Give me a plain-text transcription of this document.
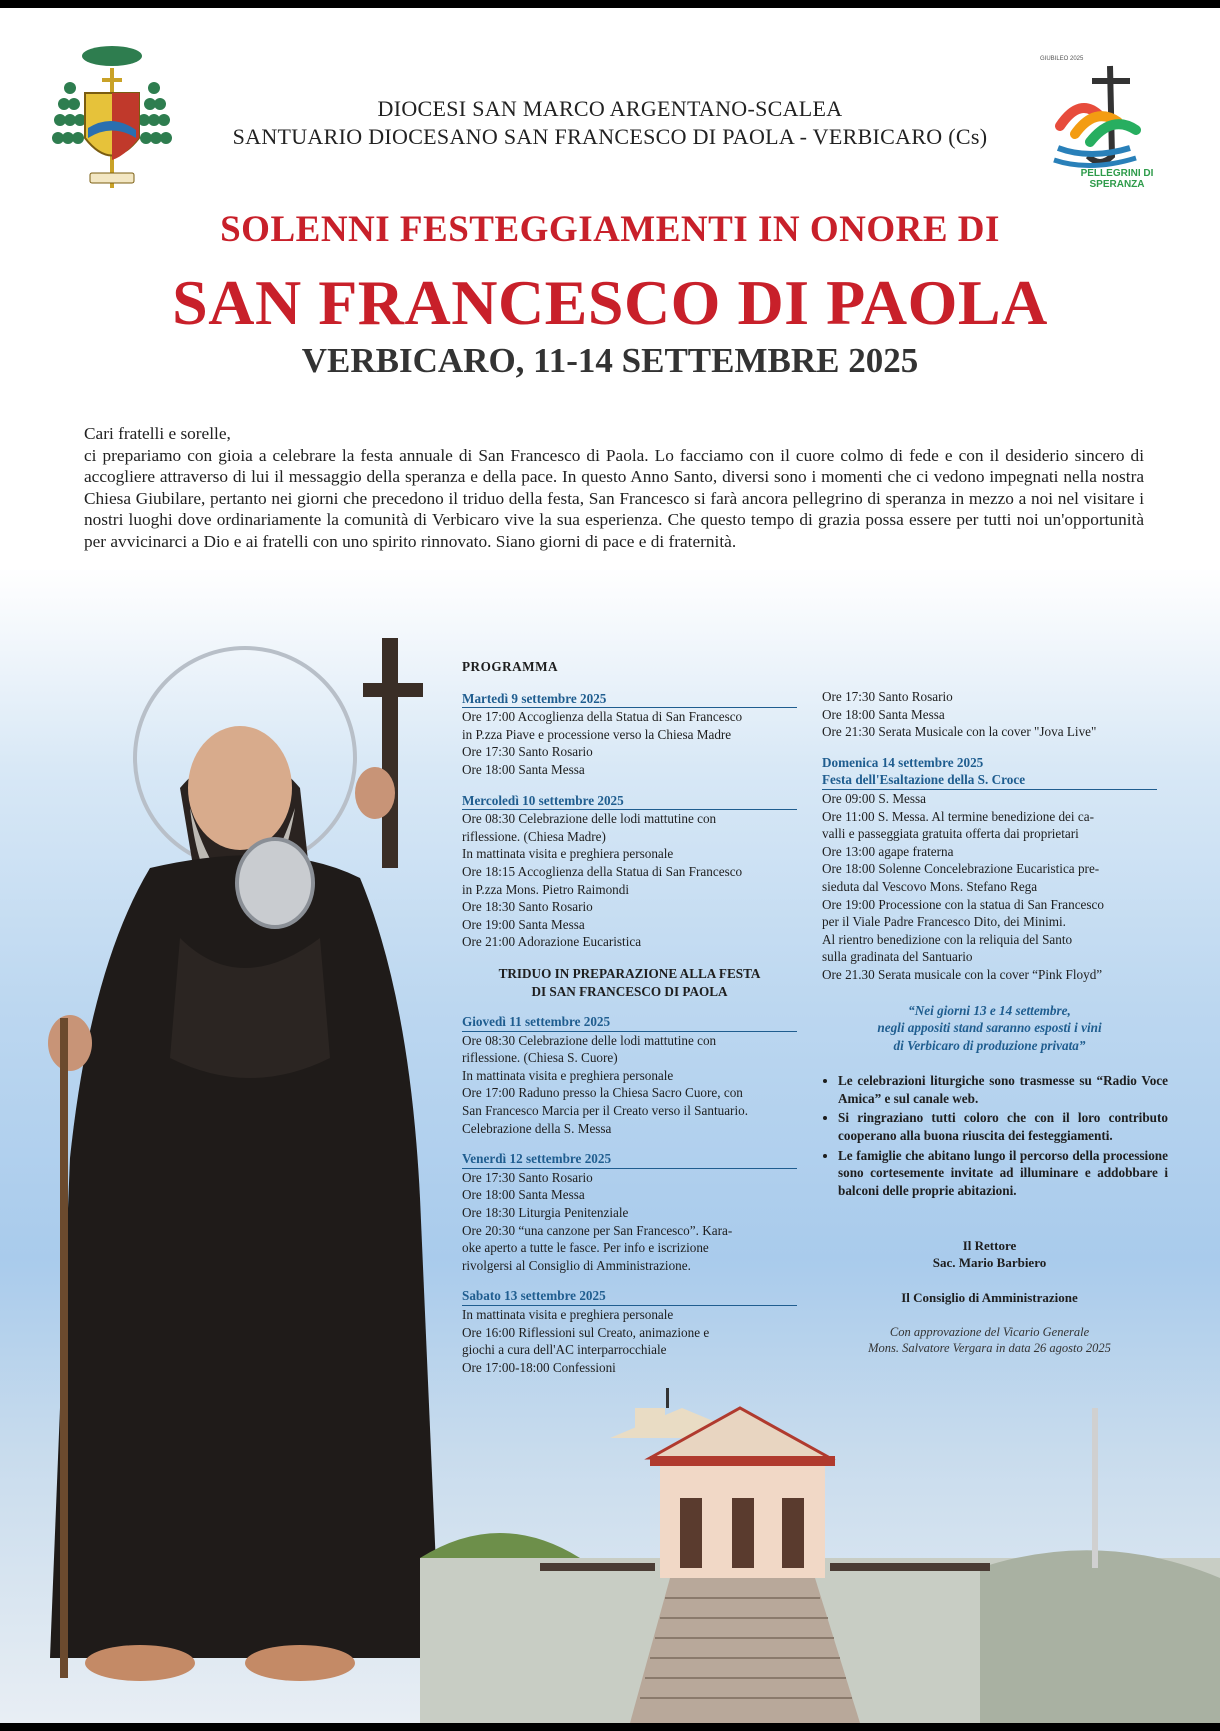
DIOCESI SAN MARCO ARGENTANO-SCALEA
SANTUARIO DIOCESANO SAN FRANCESCO DI PAOLA - VERBICARO (Cs)
PELLEGRINI DI SPERANZA
GIUBILEO 2025
SOLENNI FESTEGGIAMENTI IN ONORE DI
SAN FRANCESCO DI PAOLA
VERBICARO, 11-14 SETTEMBRE 2025

Cari fratelli e sorelle,

ci prepariamo con gioia a celebrare la festa annuale di San Francesco di Paola. Lo facciamo con il cuore colmo di fede e con il desiderio sincero di accogliere attraverso di lui il messaggio della speranza e della pace. In questo Anno Santo, diversi sono i momenti che ci vedono impegnati nella nostra Chiesa Giubilare, pertanto nei giorni che precedono il triduo della festa, San Francesco si farà ancora pellegrino di speranza in mezzo a noi nel visitare i nostri luoghi dove ordinariamente la comunità di Verbicaro vive la sua esperienza. Che questo tempo di grazia possa essere per tutti noi un'opportunità per avvicinarci a Dio e ai fratelli con uno spirito rinnovato. Siano giorni di pace e di fraternità.

PROGRAMMA
Martedì 9 settembre 2025
Ore 17:00 Accoglienza della Statua di San Francesco
in P.zza Piave e processione verso la Chiesa Madre
Ore 17:30 Santo Rosario
Ore 18:00 Santa Messa
Mercoledì 10 settembre 2025
Ore 08:30 Celebrazione delle lodi mattutine con
riflessione. (Chiesa Madre)
In mattinata visita e preghiera personale
Ore 18:15 Accoglienza della Statua di San Francesco
in P.zza Mons. Pietro Raimondi
Ore 18:30 Santo Rosario
Ore 19:00 Santa Messa
Ore 21:00 Adorazione Eucaristica
TRIDUO IN PREPARAZIONE ALLA FESTA
DI SAN FRANCESCO DI PAOLA
Giovedì 11 settembre 2025
Ore 08:30 Celebrazione delle lodi mattutine con
riflessione. (Chiesa S. Cuore)
In mattinata visita e preghiera personale
Ore 17:00 Raduno presso la Chiesa Sacro Cuore, con
San Francesco Marcia per il Creato verso il Santuario.
Celebrazione della S. Messa
Venerdì 12 settembre 2025
Ore 17:30 Santo Rosario
Ore 18:00 Santa Messa
Ore 18:30 Liturgia Penitenziale
Ore 20:30 “una canzone per San Francesco”. Kara-
oke aperto a tutte le fasce. Per info e iscrizione
rivolgersi al Consiglio di Amministrazione.
Sabato 13 settembre 2025
In mattinata visita e preghiera personale
Ore 16:00 Riflessioni sul Creato, animazione e
giochi a cura dell'AC interparrocchiale
Ore 17:00-18:00 Confessioni
Ore 17:30 Santo Rosario
Ore 18:00 Santa Messa
Ore 21:30 Serata Musicale con la cover "Jova Live"
Domenica 14 settembre 2025
Festa dell'Esaltazione della S. Croce
Ore 09:00 S. Messa
Ore 11:00 S. Messa. Al termine benedizione dei ca-
valli e passeggiata gratuita offerta dai proprietari
Ore 13:00 agape fraterna
Ore 18:00 Solenne Concelebrazione Eucaristica pre-
sieduta dal Vescovo Mons. Stefano Rega
Ore 19:00 Processione con la statua di San Francesco
per il Viale Padre Francesco Dito, dei Minimi.
Al rientro benedizione con la reliquia del Santo
sulla gradinata del Santuario
Ore 21.30 Serata musicale con la cover “Pink Floyd”
“Nei giorni 13 e 14 settembre,
negli appositi stand saranno esposti i vini
di Verbicaro di produzione privata”
• Le celebrazioni liturgiche sono trasmesse su “Radio Voce Amica” e sul canale web.
• Si ringraziano tutti coloro che con il loro contributo cooperano alla buona riuscita dei festeggiamenti.
• Le famiglie che abitano lungo il percorso della processione sono cortesemente invitate ad illuminare e addobbare i balconi delle proprie abitazioni.
Il Rettore
Sac. Mario Barbiero
Il Consiglio di Amministrazione
Con approvazione del Vicario Generale
Mons. Salvatore Vergara in data 26 agosto 2025
